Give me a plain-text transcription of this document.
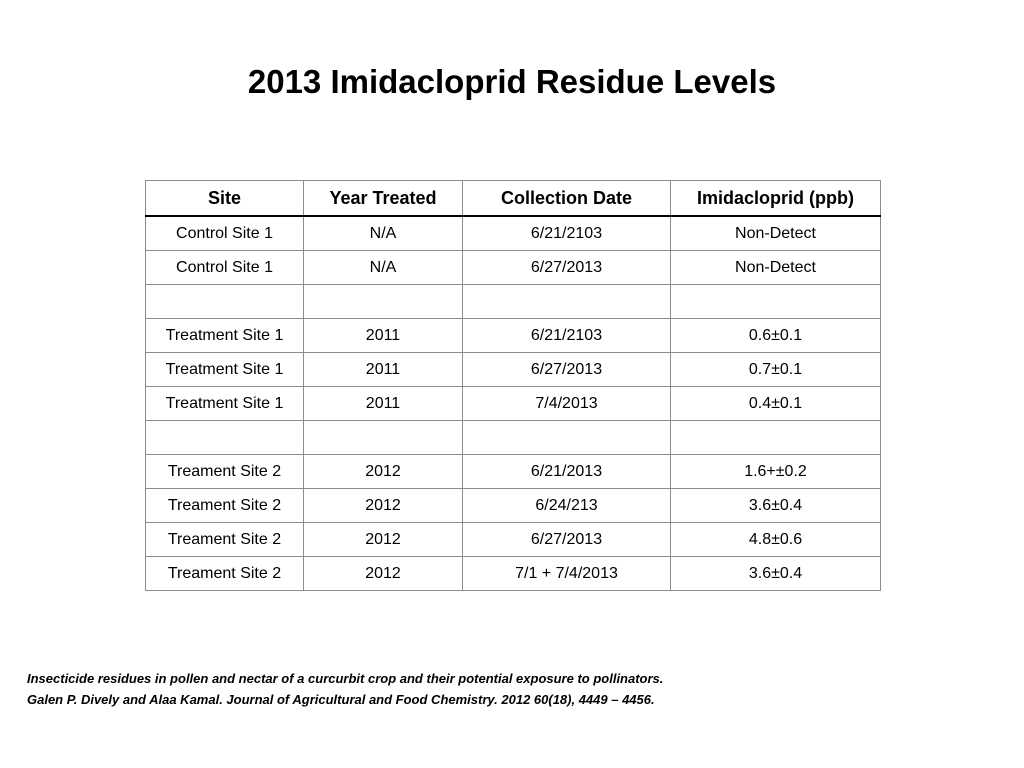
2013 Imidacloprid Residue Levels
Site	Year Treated	Collection Date	Imidacloprid (ppb)
Control Site 1	N/A	6/21/2103	Non-Detect
Control Site 1	N/A	6/27/2013	Non-Detect

Treatment Site 1	2011	6/21/2103	0.6±0.1
Treatment Site 1	2011	6/27/2013	0.7±0.1
Treatment Site 1	2011	7/4/2013	0.4±0.1

Treament Site 2	2012	6/21/2013	1.6+±0.2
Treament Site 2	2012	6/24/213	3.6±0.4
Treament Site 2	2012	6/27/2013	4.8±0.6
Treament Site 2	2012	7/1 + 7/4/2013	3.6±0.4
Insecticide residues in pollen and nectar of a curcurbit crop and their potential exposure to pollinators.
Galen P. Dively and Alaa Kamal. Journal of Agricultural and Food Chemistry. 2012 60(18), 4449 – 4456.
